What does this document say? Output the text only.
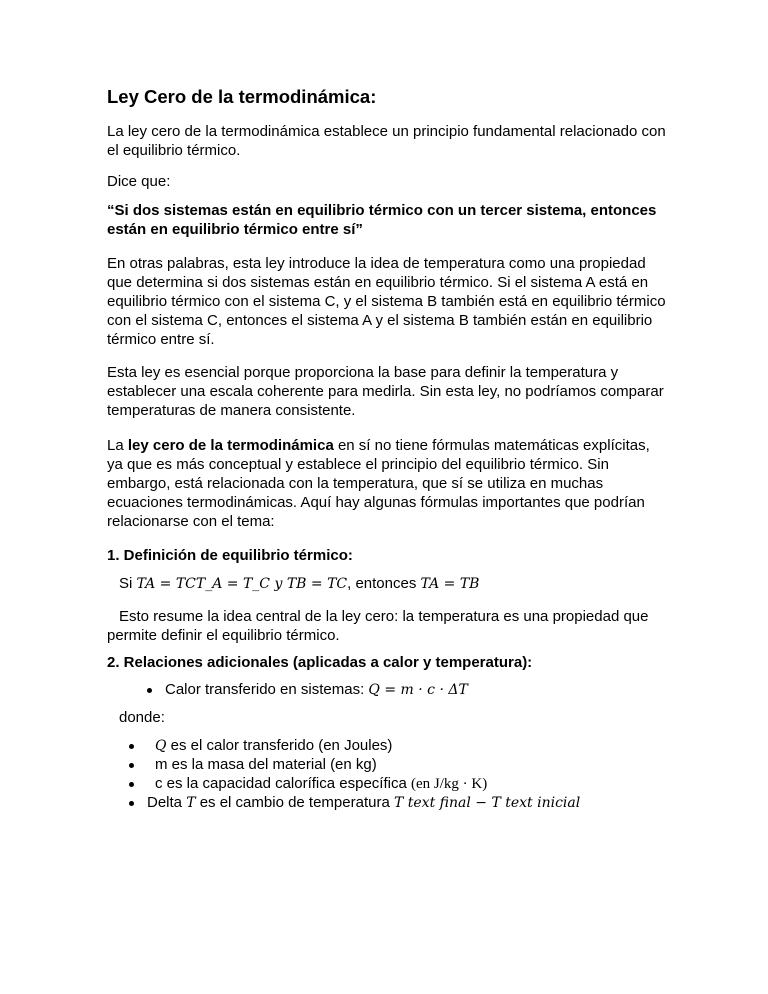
Ley Cero de la termodinámica:
La ley cero de la termodinámica establece un principio fundamental relacionado con el equilibrio térmico.
Dice que:
“Si dos sistemas están en equilibrio térmico con un tercer sistema, entonces están en equilibrio térmico entre sí”
En otras palabras, esta ley introduce la idea de temperatura como una propiedad que determina si dos sistemas están en equilibrio térmico. Si el sistema A está en equilibrio térmico con el sistema C, y el sistema B también está en equilibrio térmico con el sistema C, entonces el sistema A y el sistema B también están en equilibrio térmico entre sí.
Esta ley es esencial porque proporciona la base para definir la temperatura y establecer una escala coherente para medirla. Sin esta ley, no podríamos comparar temperaturas de manera consistente.
La ley cero de la termodinámica en sí no tiene fórmulas matemáticas explícitas, ya que es más conceptual y establece el principio del equilibrio térmico. Sin embargo, está relacionada con la temperatura, que sí se utiliza en muchas ecuaciones termodinámicas. Aquí hay algunas fórmulas importantes que podrían relacionarse con el tema:
1. Definición de equilibrio térmico:
Si TA = TCT_A = T_C y TB = TC, entonces TA = TB
Esto resume la idea central de la ley cero: la temperatura es una propiedad que permite definir el equilibrio térmico.
2. Relaciones adicionales (aplicadas a calor y temperatura):
Calor transferido en sistemas: Q = m · c · ΔT
donde:
Q es el calor transferido (en Joules)
m es la masa del material (en kg)
c es la capacidad calorífica específica (en J/kg · K)
Delta T es el cambio de temperatura T text final − T text inicial
